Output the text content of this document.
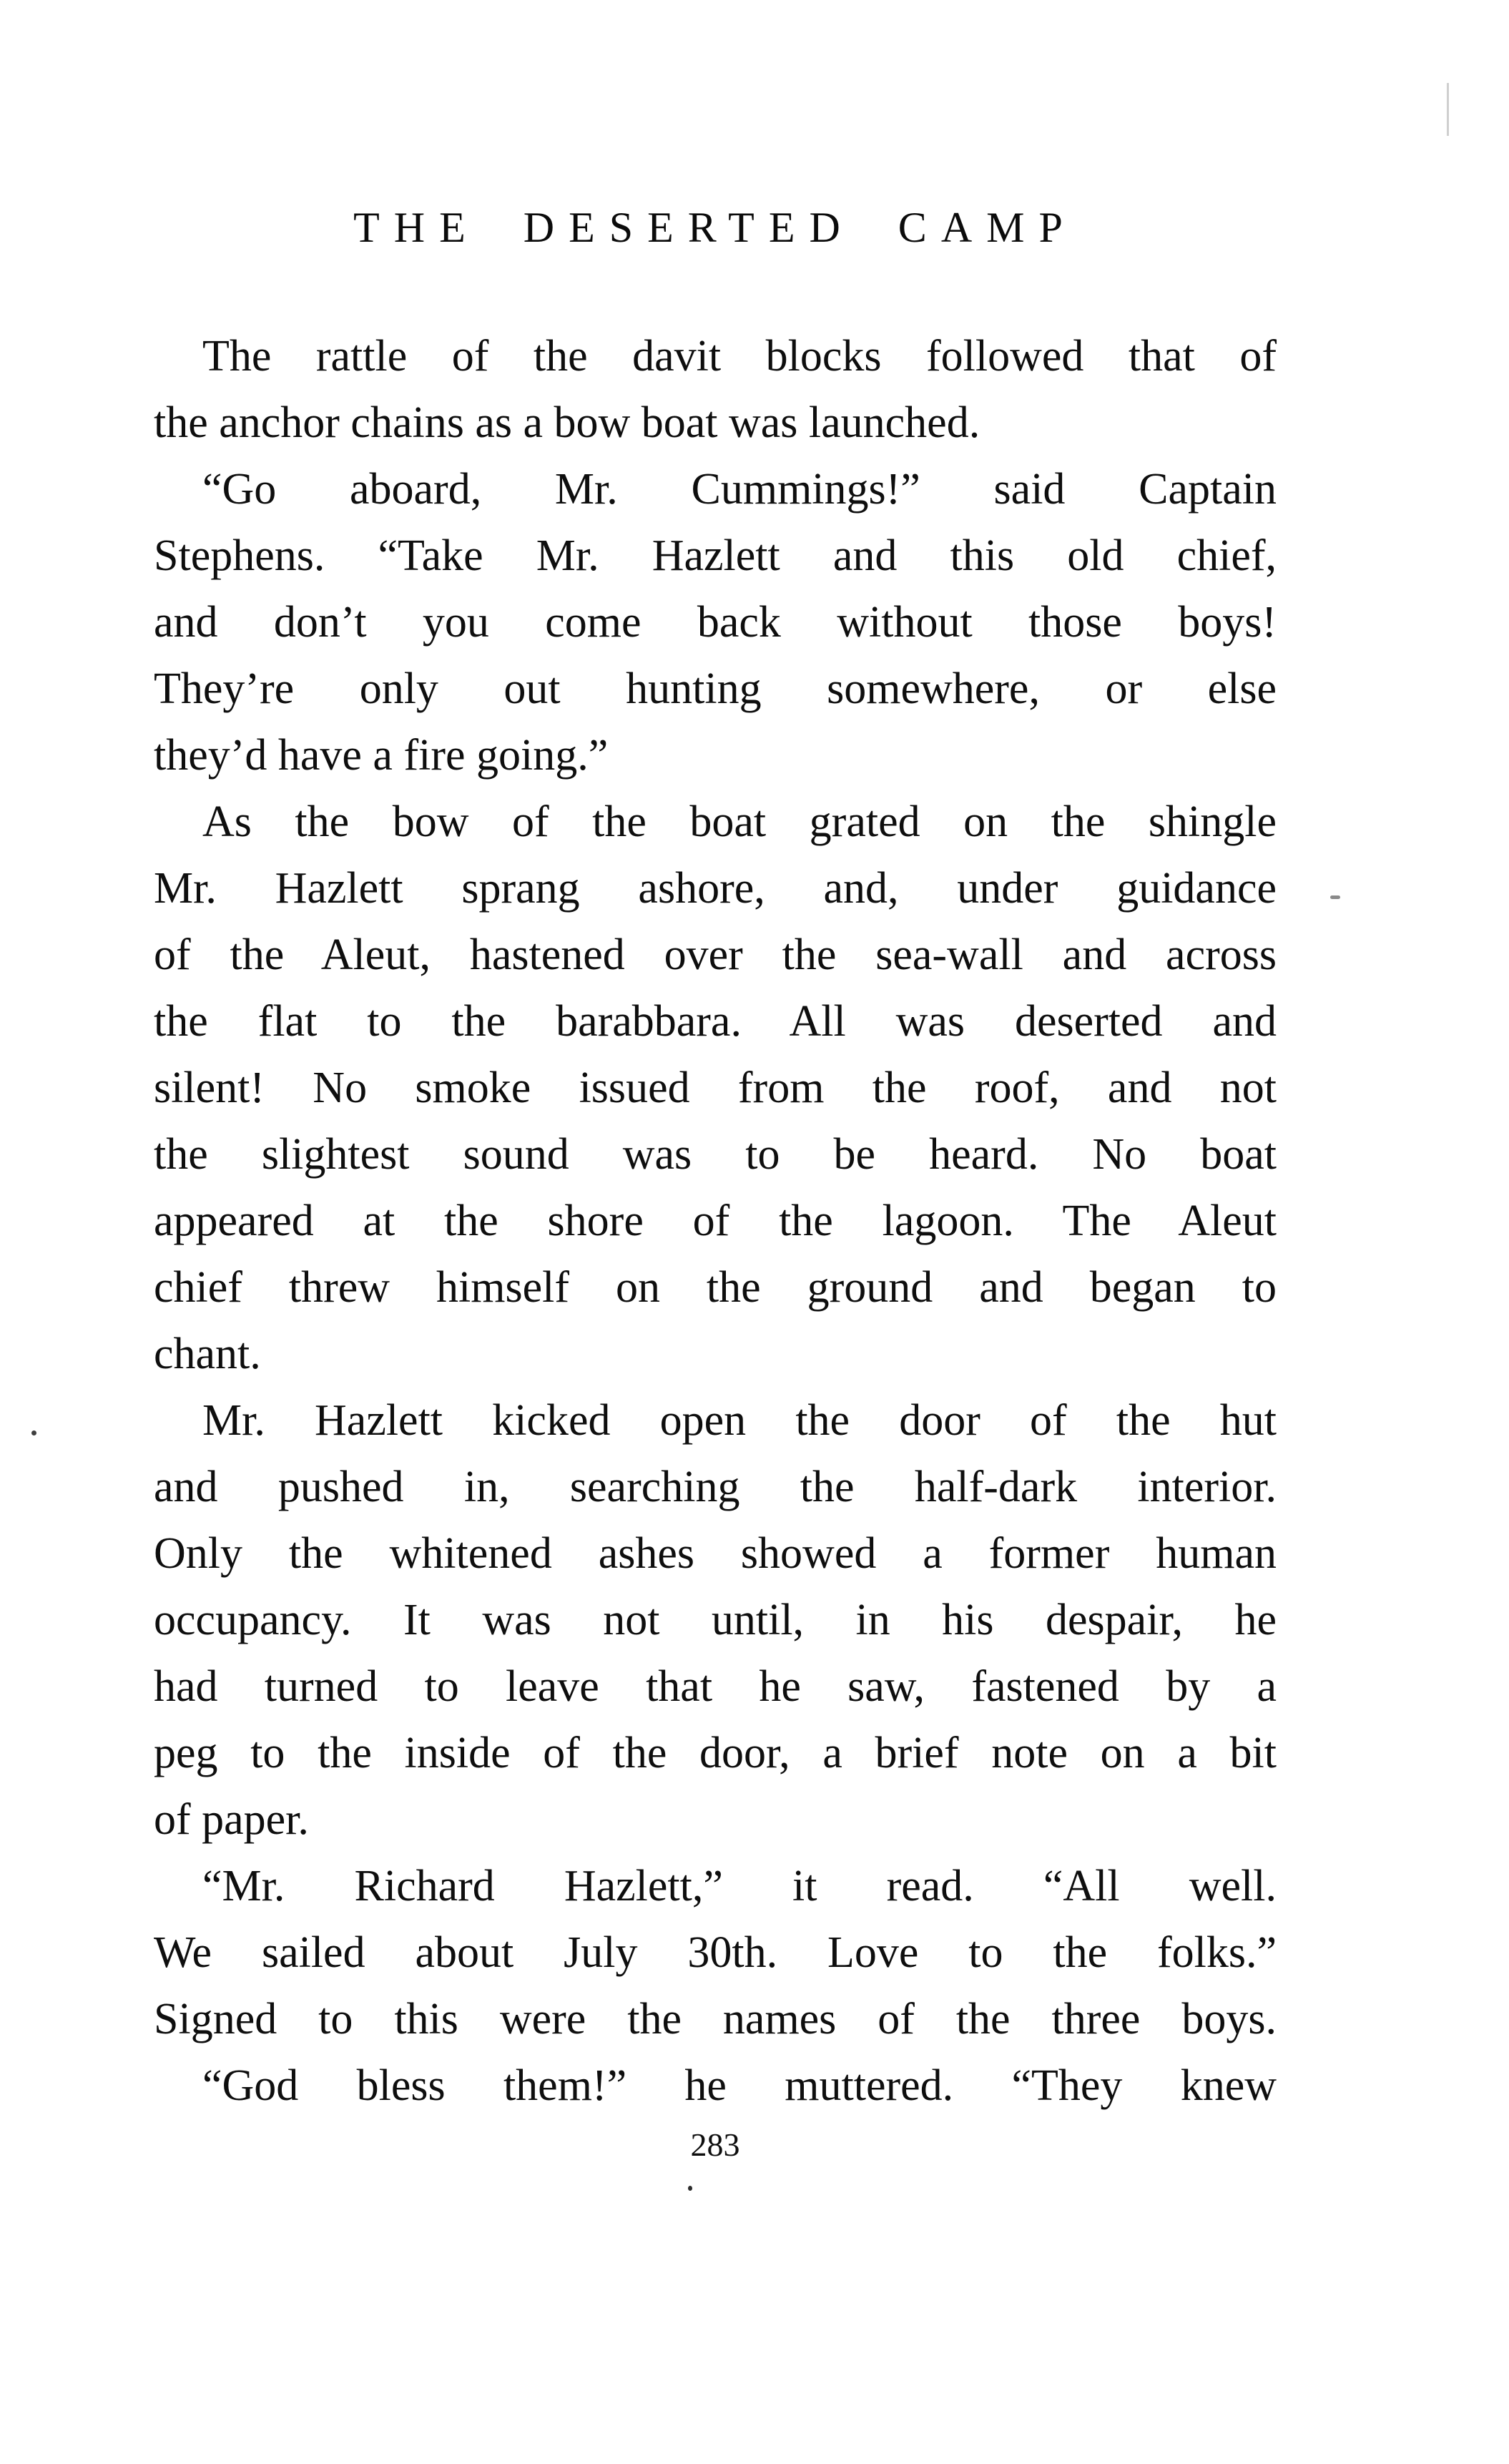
THE DESERTED CAMP
The rattle of the davit blocks followed that of
the anchor chains as a bow boat was launched.
“Go aboard, Mr. Cummings!” said Captain
Stephens. “Take Mr. Hazlett and this old chief,
and don’t you come back without those boys!
They’re only out hunting somewhere, or else
they’d have a fire going.”
As the bow of the boat grated on the shingle
Mr. Hazlett sprang ashore, and, under guidance
of the Aleut, hastened over the sea-wall and across
the flat to the barabbara. All was deserted and
silent! No smoke issued from the roof, and not
the slightest sound was to be heard. No boat
appeared at the shore of the lagoon. The Aleut
chief threw himself on the ground and began to
chant.
Mr. Hazlett kicked open the door of the hut
and pushed in, searching the half-dark interior.
Only the whitened ashes showed a former human
occupancy. It was not until, in his despair, he
had turned to leave that he saw, fastened by a
peg to the inside of the door, a brief note on a bit
of paper.
“Mr. Richard Hazlett,” it read. “All well.
We sailed about July 30th. Love to the folks.”
Signed to this were the names of the three boys.
“God bless them!” he muttered. “They knew
283
